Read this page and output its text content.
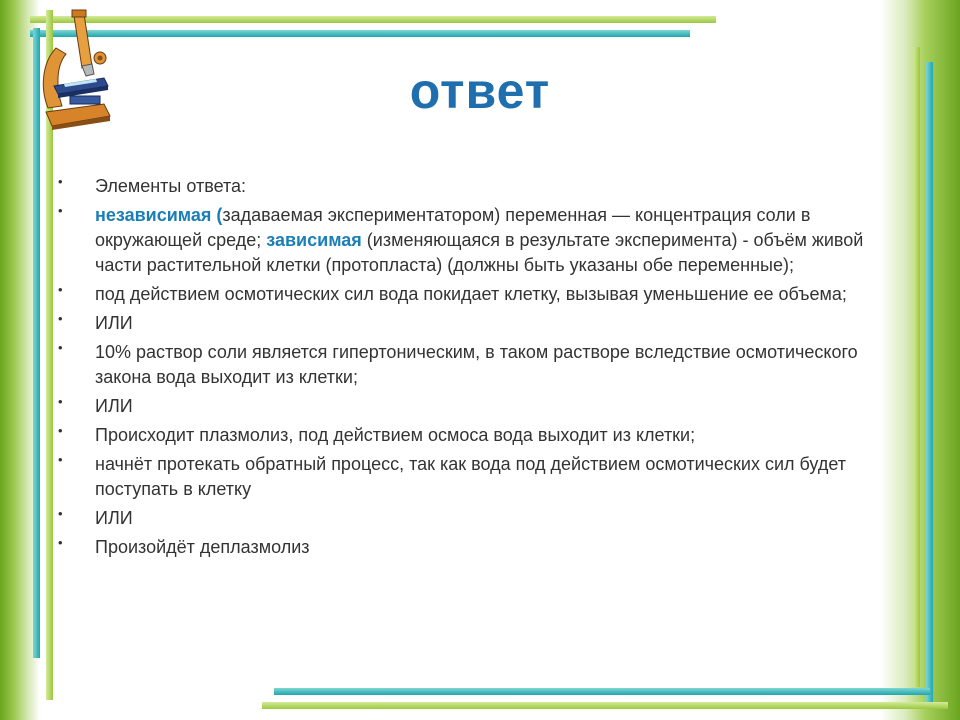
ответ
• Элементы ответа:
• независимая (задаваемая экспериментатором) переменная — концентрация соли в окружающей среде; зависимая (изменяющаяся в результате эксперимента) - объём живой части растительной клетки (протопласта) (должны быть указаны обе переменные);
• под действием осмотических сил вода покидает клетку, вызывая уменьшение ее объема;
• ИЛИ
• 10% раствор соли является гипертоническим, в таком растворе вследствие осмотического закона вода выходит из клетки;
• ИЛИ
• Происходит плазмолиз, под действием осмоса вода выходит из клетки;
• начнёт протекать обратный процесс, так как вода под действием осмотических сил будет поступать в клетку
• ИЛИ
• Произойдёт деплазмолиз
